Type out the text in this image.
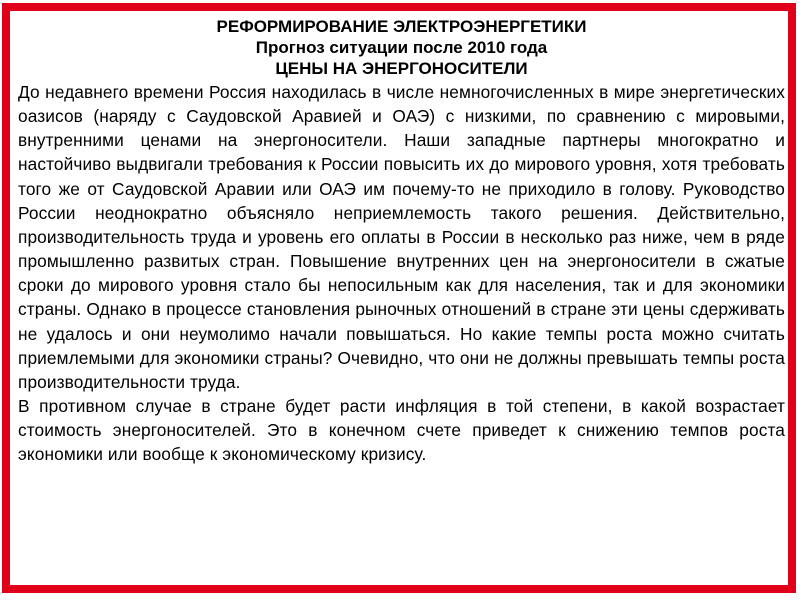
РЕФОРМИРОВАНИЕ ЭЛЕКТРОЭНЕРГЕТИКИ

Прогноз ситуации после 2010 года

ЦЕНЫ НА ЭНЕРГОНОСИТЕЛИ

До недавнего времени Россия находилась в числе немногочисленных в мире энергетических оазисов (наряду с Саудовской Аравией и ОАЭ) с низкими, по сравнению с мировыми, внутренними ценами на энергоносители. Наши западные партнеры многократно и настойчиво выдвигали требования к России повысить их до мирового уровня, хотя требовать того же от Саудовской Аравии или ОАЭ им почему-то не приходило в голову. Руководство России неоднократно объясняло неприемлемость такого решения. Действительно, производительность труда и уровень его оплаты в России в несколько раз ниже, чем в ряде промышленно развитых стран. Повышение внутренних цен на энергоносители в сжатые сроки до мирового уровня стало бы непосильным как для населения, так и для экономики страны. Однако в процессе становления рыночных отношений в стране эти цены сдерживать не удалось и они неумолимо начали повышаться. Но какие темпы роста можно считать приемлемыми для экономики страны? Очевидно, что они не должны превышать темпы роста производительности труда.

В противном случае в стране будет расти инфляция в той степени, в какой возрастает стоимость энергоносителей. Это в конечном счете приведет к снижению темпов роста экономики или вообще к экономическому кризису.
